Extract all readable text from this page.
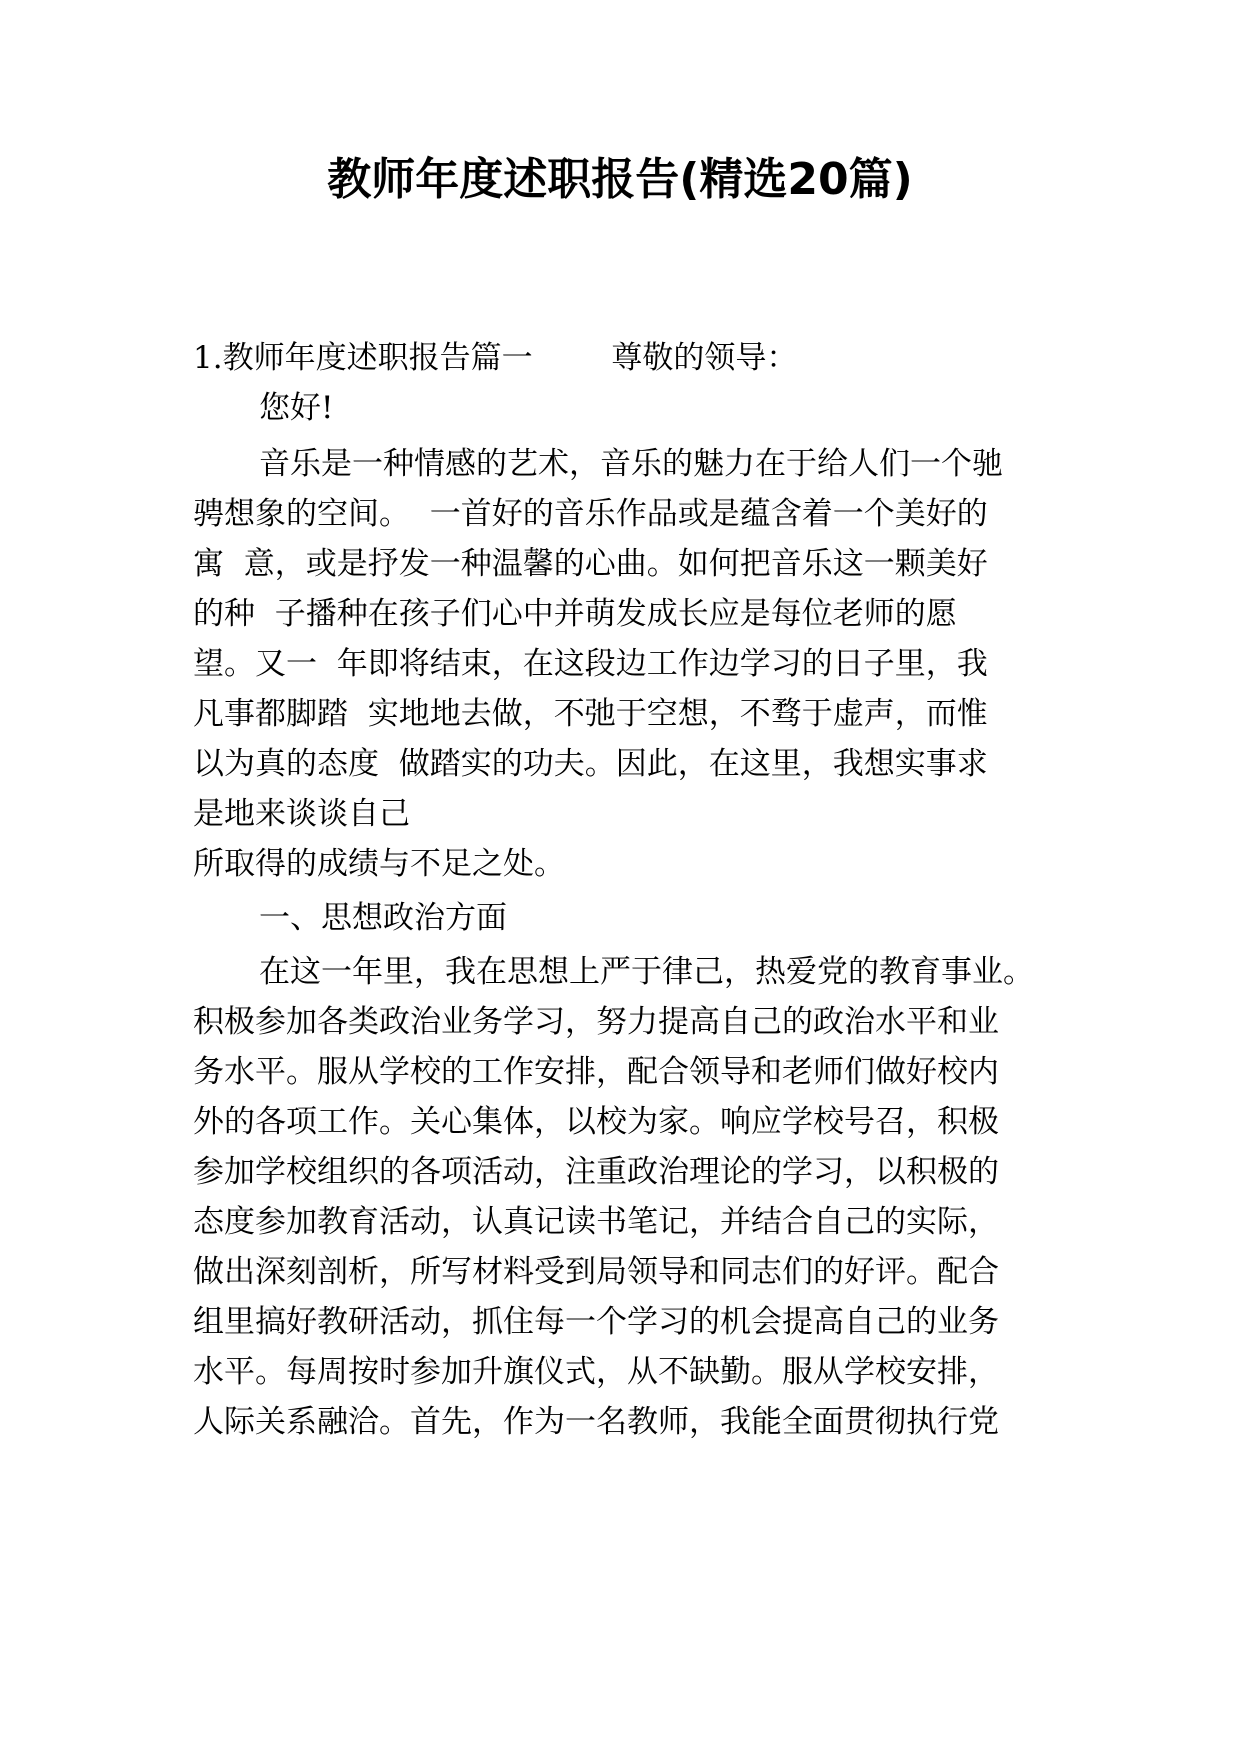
教师年度述职报告(精选20篇)
1.教师年度述职报告篇一        尊敬的领导：
您好!
音乐是一种情感的艺术，音乐的魅力在于给人们一个驰
骋想象的空间。  一首好的音乐作品或是蕴含着一个美好的
寓  意，或是抒发一种温馨的心曲。如何把音乐这一颗美好
的种  子播种在孩子们心中并萌发成长应是每位老师的愿
望。又一  年即将结束，在这段边工作边学习的日子里，我
凡事都脚踏  实地地去做，不弛于空想，不骛于虚声，而惟
以为真的态度  做踏实的功夫。因此，在这里，我想实事求
是地来谈谈自己
所取得的成绩与不足之处。
一、思想政治方面
在这一年里，我在思想上严于律己，热爱党的教育事业。
积极参加各类政治业务学习，努力提高自己的政治水平和业
务水平。服从学校的工作安排，配合领导和老师们做好校内
外的各项工作。关心集体，以校为家。响应学校号召，积极
参加学校组织的各项活动，注重政治理论的学习，以积极的
态度参加教育活动，认真记读书笔记，并结合自己的实际，
做出深刻剖析，所写材料受到局领导和同志们的好评。配合
组里搞好教研活动，抓住每一个学习的机会提高自己的业务
水平。每周按时参加升旗仪式，从不缺勤。服从学校安排，
人际关系融洽。首先，作为一名教师，我能全面贯彻执行党
